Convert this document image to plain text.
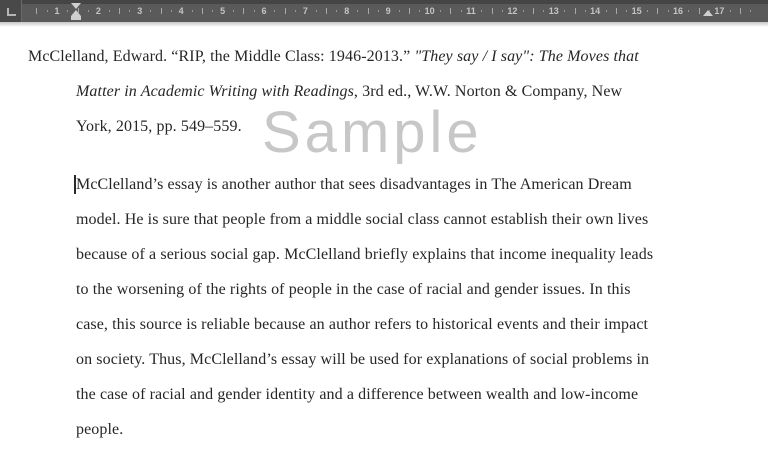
Sample
McClelland, Edward. “RIP, the Middle Class: 1946-2013.” "They say / I say": The Moves that
Matter in Academic Writing with Readings, 3rd ed., W.W. Norton & Company, New
York, 2015, pp. 549–559.
McClelland’s essay is another author that sees disadvantages in The American Dream
model. He is sure that people from a middle social class cannot establish their own lives
because of a serious social gap. McClelland briefly explains that income inequality leads
to the worsening of the rights of people in the case of racial and gender issues. In this
case, this source is reliable because an author refers to historical events and their impact
on society. Thus, McClelland’s essay will be used for explanations of social problems in
the case of racial and gender identity and a difference between wealth and low-income
people.
1	2	3	4	5	6	7	8	9	10	11	12	13	14	15	16	17
